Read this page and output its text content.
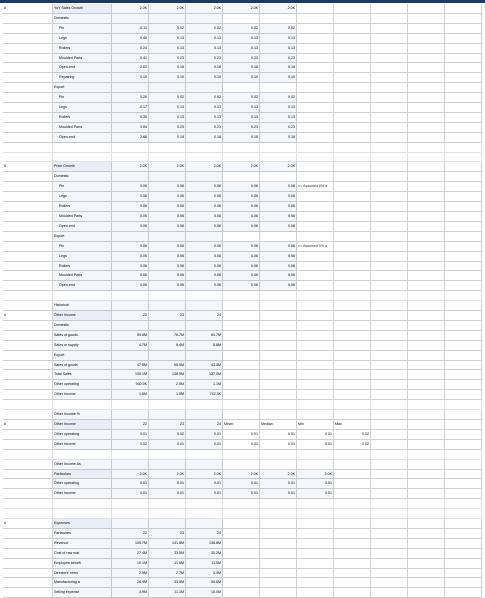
#	YoY Sales Growth	2.0K	2.0K	2.0K	2.0K	2.0K					
	Domestic										
	Pin	-0.11	0.02	0.02	0.02	0.02					
	Legs	0.40	0.13	0.13	0.13	0.13					
	Rollers	0.24	0.13	0.13	0.13	0.13					
	Moulded Parts	0.41	0.23	0.23	0.23	0.23					
	Open-end	2.02	0.18	0.18	0.18	0.18					
	Repairing	0.10	0.10	0.10	0.10	0.10					
	Export										
	Pin	0.26	0.02	0.02	0.02	0.02					
	Legs	-0.17	0.13	0.13	0.13	0.13					
	Rollers	0.30	0.13	0.13	0.13	0.13					
	Moulded Parts	3.64	0.23	0.23	0.23	0.23					
	Open-end	2.68	0.18	0.18	0.18	0.18					

#	Price Growth	2.0K	2.0K	2.0K	2.0K	2.0K					
	Domestic										
	Pin	0.06	0.06	0.06	0.06	0.06	<< Assumed 6% a				
	Legs	0.06	0.06	0.06	0.06	0.06					
	Rollers	0.06	0.06	0.06	0.06	0.06					
	Moulded Parts	0.06	0.06	0.06	0.06	0.06					
	Open-end	0.06	0.06	0.06	0.06	0.06					
	Export										
	Pin	0.06	0.06	0.06	0.06	0.06	<< Assumed 6% a				
	Legs	0.06	0.06	0.06	0.06	0.06					
	Rollers	0.06	0.06	0.06	0.06	0.06					
	Moulded Parts	0.06	0.06	0.06	0.06	0.06					
	Open-end	0.06	0.06	0.06	0.06	0.06					

	Historical										
#	Other Income	22	23	24							
	Domestic										
	Sales of goods	59.6M	76.7M	84.7M							
	Sales or supply	4.7M	6.4M	8.8M							
	Export										
	Sales of goods	47.8M	55.9M	43.5M							
	Total Sales	100.1M	138.9M	137.0M							
	Other operating	930.0K	2.5M	1.1M							
	Other income	1.6M	1.5M	742.3K							

	Other Income %										
#	Other Income	22	23	24	Mean	Median	Min	Max			
	Other operating	0.01	0.02	0.01	0.01	0.01	0.01	0.02			
	Other income	0.02	0.01	0.01	0.01	0.01	0.01	0.02			

	Other Income As										
	Particulars	2.0K	2.0K	2.0K	2.0K	2.0K	2.0K				
	Other operating	0.01	0.01	0.01	0.01	0.01	0.01				
	Other income	0.01	0.01	0.01	0.01	0.01	0.01				

#	Expenses										
	Particulars	22	23	24							
	Revenue	105.7M	141.8M	138.8M							
	Cost of raw mat	27.4M	33.5M	30.2M							
	Employee benefi	10.1M	11.6M	11.5M							
	Directors' remu	2.5M	2.7M	3.0M							
	Manufacturing a	26.9M	33.0M	35.6M							
	Selling expense	4.9M	11.1M	10.0M							
